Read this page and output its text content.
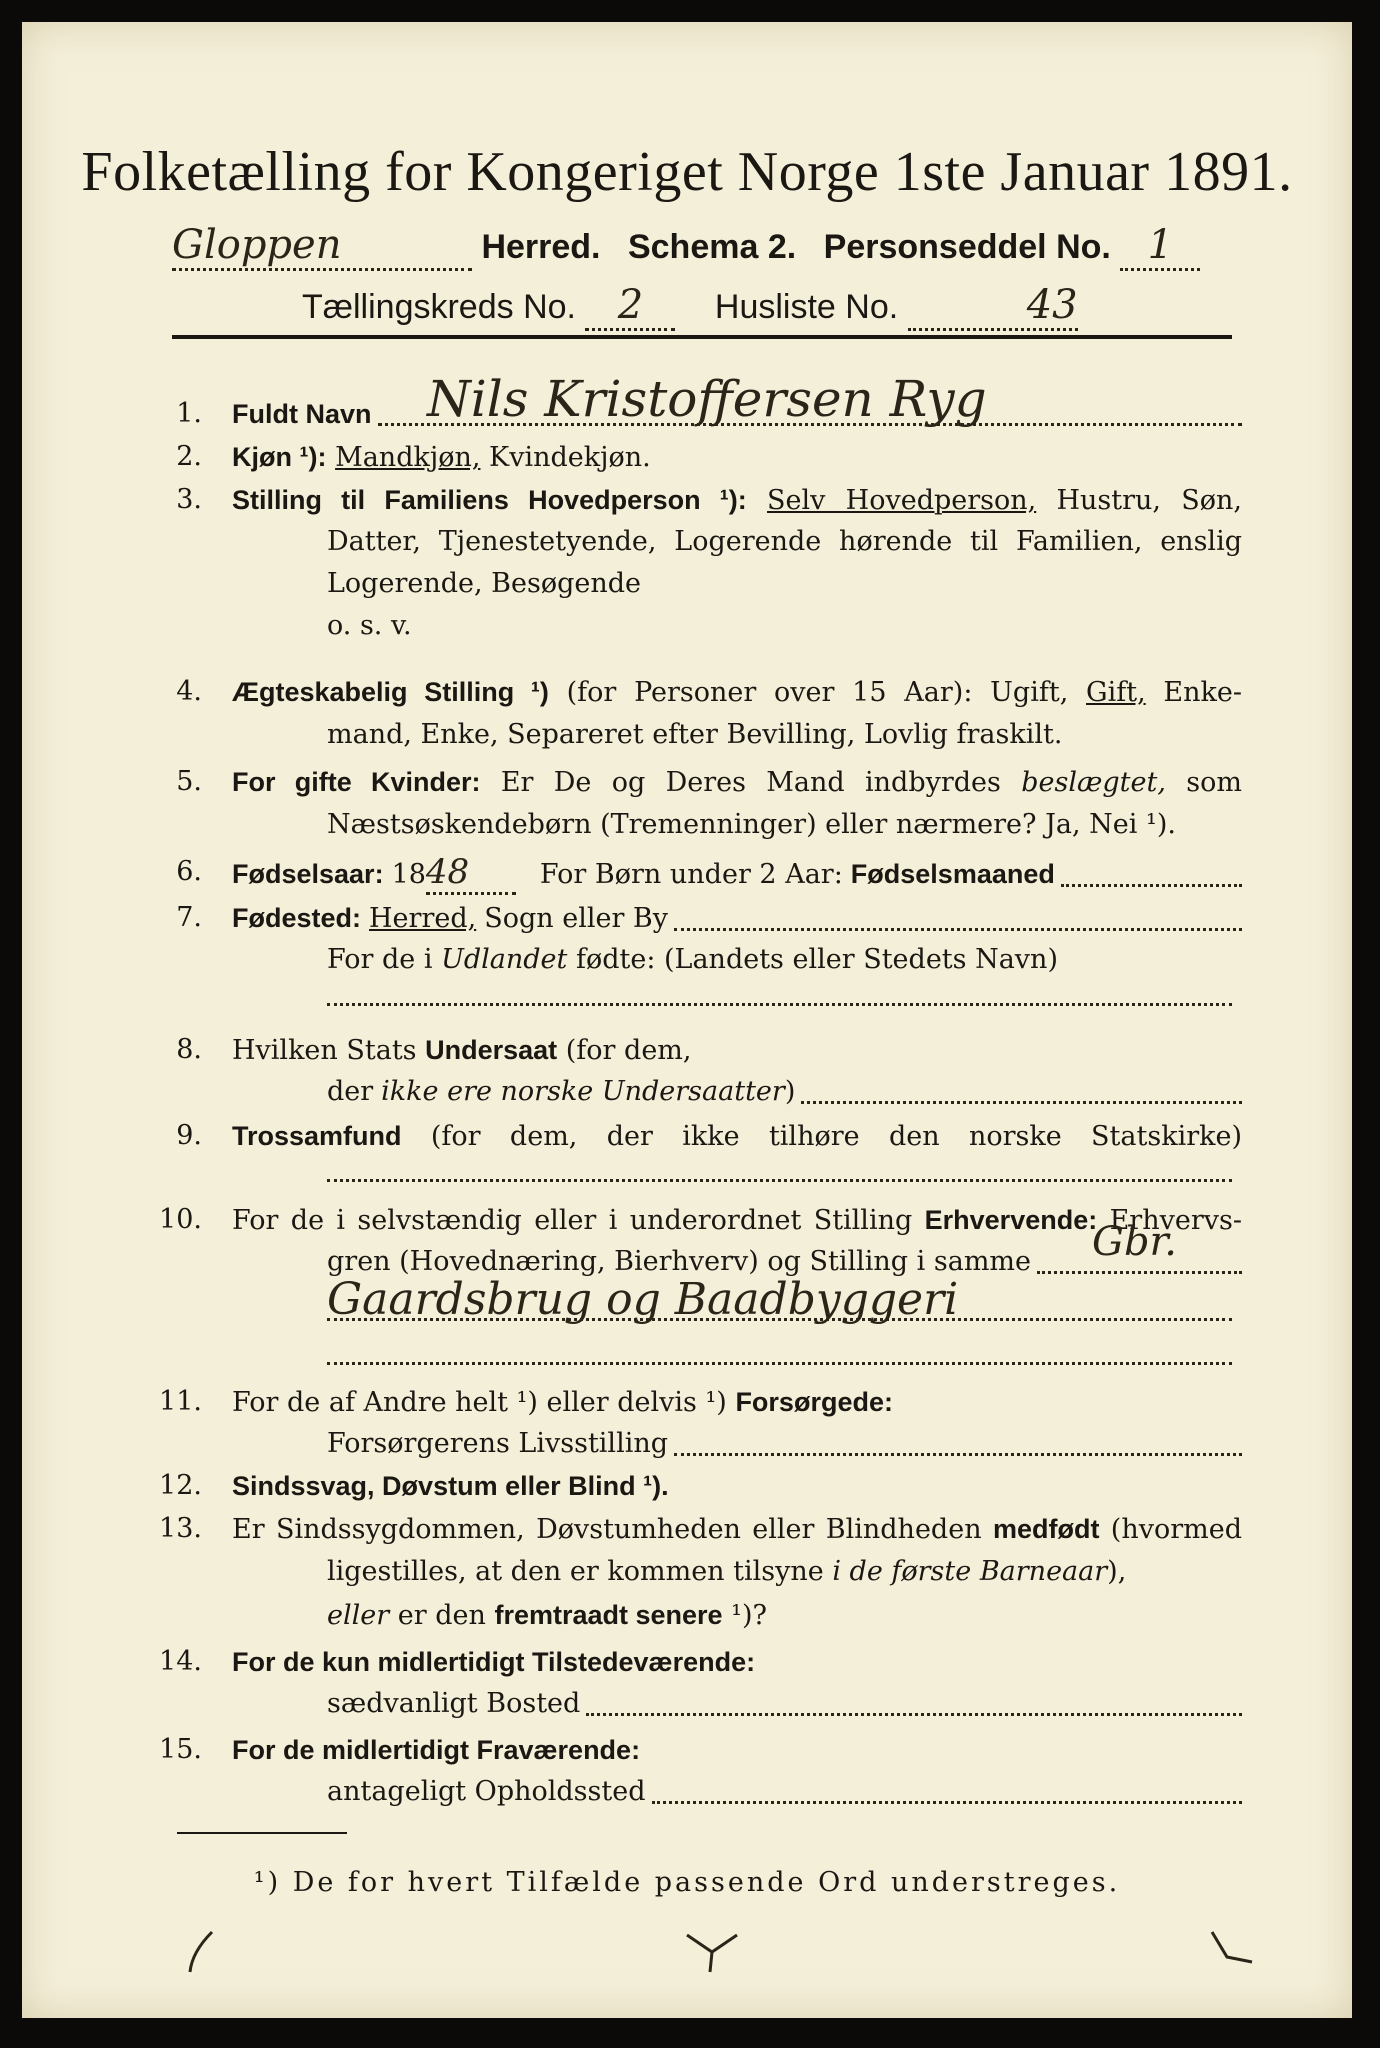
Folketælling for Kongeriget Norge 1ste Januar 1891.
Gloppen	Herred. Schema 2. Personseddel No. 1
Tællingskreds No. 2 Husliste No.	43
1. Fuldt Navn Nils Kristoffersen Ryg
2. Kjøn ¹): Mandkjøn, Kvindekjøn.
3. Stilling til Familiens Hovedperson ¹): Selv Hovedperson, Hustru, Søn,
Datter, Tjenestetyende, Logerende hørende til Familien, enslig
Logerende, Besøgende
o. s. v.
4. Ægteskabelig Stilling ¹) (for Personer over 15 Aar): Ugift, Gift, Enke-
mand, Enke, Separeret efter Bevilling, Lovlig fraskilt.
5. For gifte Kvinder: Er De og Deres Mand indbyrdes beslægtet, som
Næstsøskendebørn (Tremenninger) eller nærmere? Ja, Nei ¹).
6. Fødselsaar: 18 48	For Børn under 2 Aar: Fødselsmaaned
7. Fødested: Herred, Sogn eller By
For de i Udlandet fødte: (Landets eller Stedets Navn)
8. Hvilken Stats Undersaat (for dem,
der ikke ere norske Undersaatter )
9. Trossamfund (for dem, der ikke tilhøre den norske Statskirke)
10. For de i selvstændig eller i underordnet Stilling Erhvervende: Erhvervs-
gren (Hovednæring, Bierhverv) og Stilling i samme Gbr.
Gaardsbrug og Baadbyggeri
11. For de af Andre helt ¹) eller delvis ¹) Forsørgede:
Forsørgerens Livsstilling
12. Sindssvag, Døvstum eller Blind ¹).
13. Er Sindssygdommen, Døvstumheden eller Blindheden medfødt (hvormed
ligestilles, at den er kommen tilsyne i de første Barneaar),
eller er den fremtraadt senere ¹)?
14. For de kun midlertidigt Tilstedeværende:
sædvanligt Bosted
15. For de midlertidigt Fraværende:
antageligt Opholdssted
¹) De for hvert Tilfælde passende Ord understreges.
